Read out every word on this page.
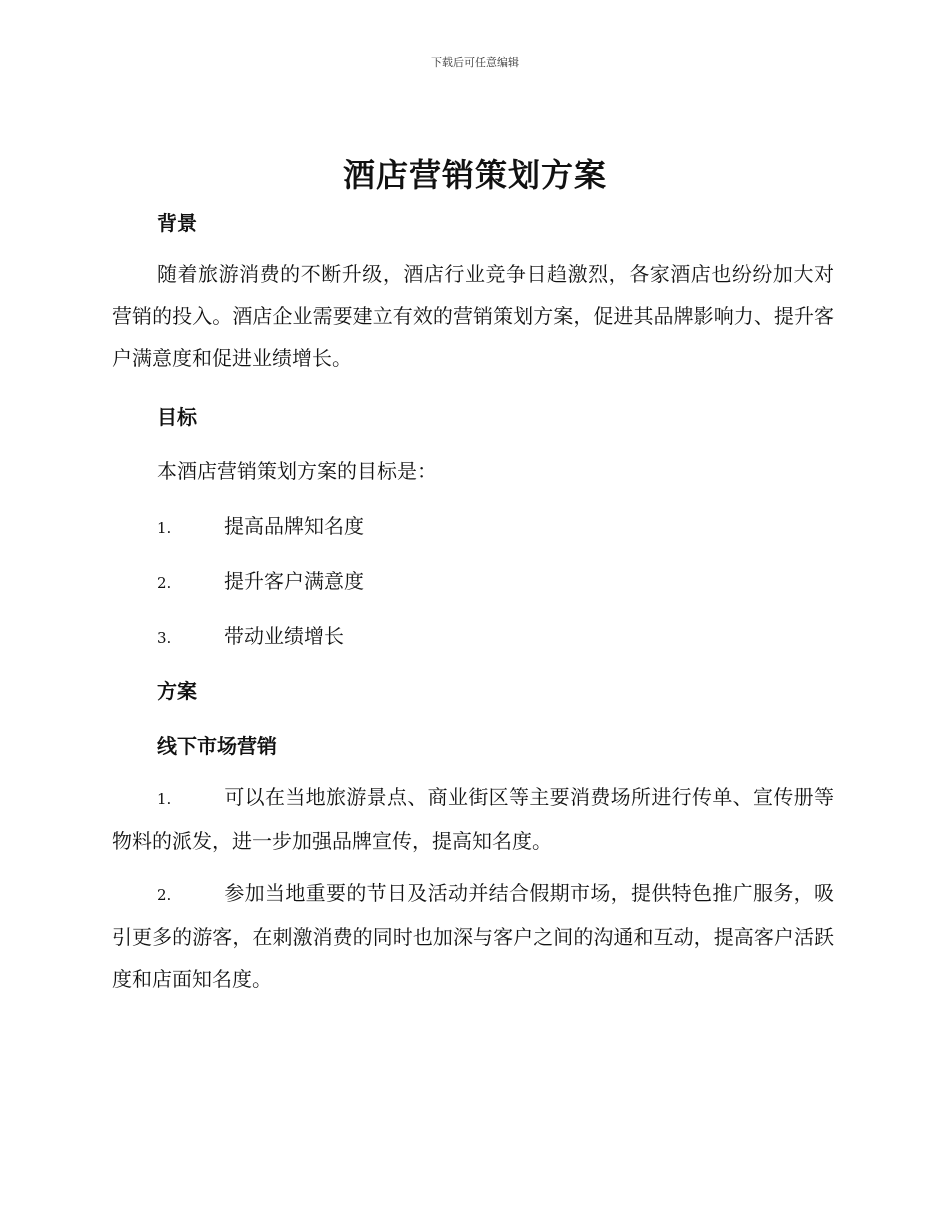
下载后可任意编辑
酒店营销策划方案
背景
随着旅游消费的不断升级，酒店行业竞争日趋激烈，各家酒店也纷纷加大对营销的投入。酒店企业需要建立有效的营销策划方案，促进其品牌影响力、提升客户满意度和促进业绩增长。
目标
本酒店营销策划方案的目标是：
1.	提高品牌知名度
2.	提升客户满意度
3.	带动业绩增长
方案
线下市场营销
1.	可以在当地旅游景点、商业街区等主要消费场所进行传单、宣传册等物料的派发，进一步加强品牌宣传，提高知名度。
2.	参加当地重要的节日及活动并结合假期市场，提供特色推广服务，吸引更多的游客，在刺激消费的同时也加深与客户之间的沟通和互动，提高客户活跃度和店面知名度。
